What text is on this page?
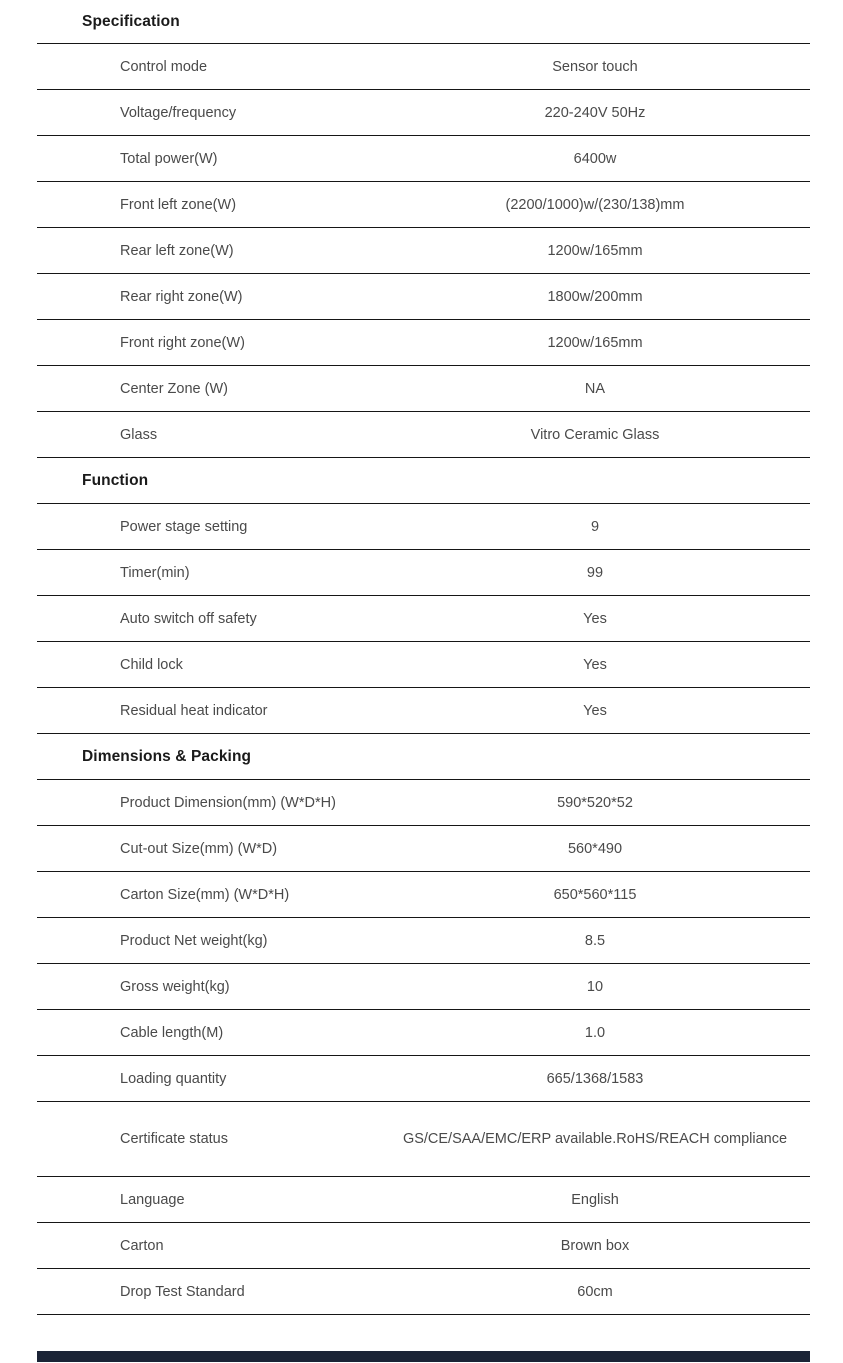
Specification
Control mode	Sensor touch
Voltage/frequency	220-240V 50Hz
Total power(W)	6400w
Front left zone(W)	(2200/1000)w/(230/138)mm
Rear left zone(W)	1200w/165mm
Rear right zone(W)	1800w/200mm
Front right zone(W)	1200w/165mm
Center Zone (W)	NA
Glass	Vitro Ceramic Glass
Function
Power stage setting	9
Timer(min)	99
Auto switch off safety	Yes
Child lock	Yes
Residual heat indicator	Yes
Dimensions & Packing
Product Dimension(mm) (W*D*H)	590*520*52
Cut-out Size(mm) (W*D)	560*490
Carton Size(mm) (W*D*H)	650*560*115
Product Net weight(kg)	8.5
Gross weight(kg)	10
Cable length(M)	1.0
Loading quantity	665/1368/1583
Certificate status	GS/CE/SAA/EMC/ERP available.RoHS/REACH compliance
Language	English
Carton	Brown box
Drop Test Standard	60cm
